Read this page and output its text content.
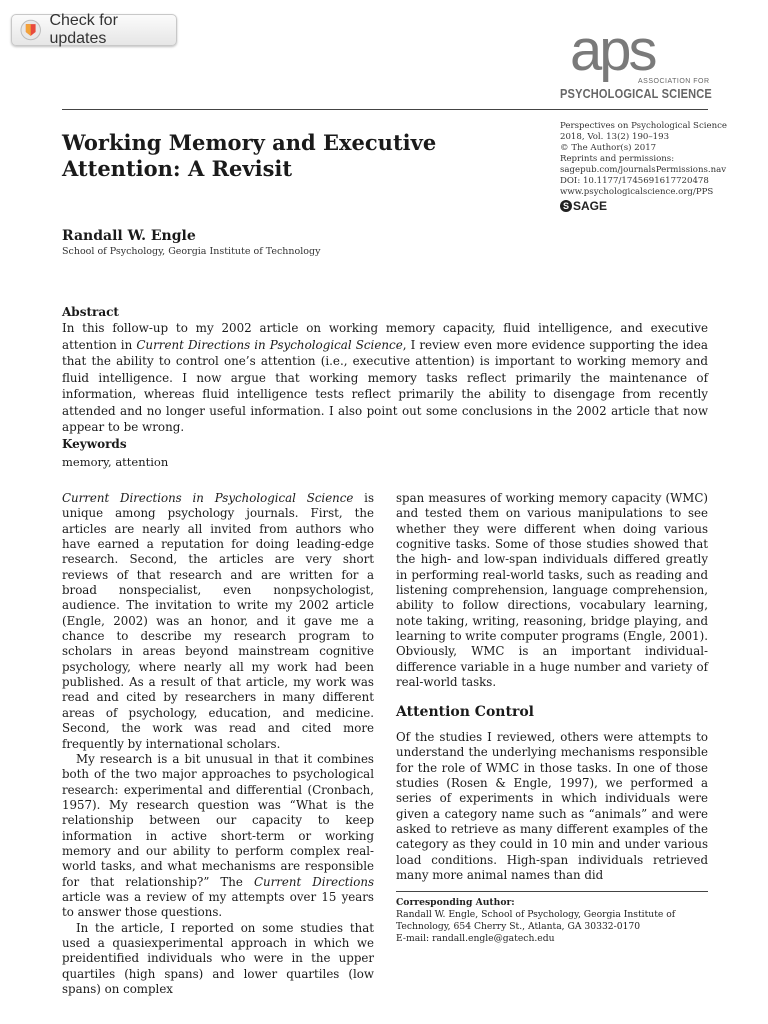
Check for updates	aps
ASSOCIATION FOR
PSYCHOLOGICAL SCIENCE
Working Memory and Executive
Attention: A Revisit
Perspectives on Psychological Science
2018, Vol. 13(2) 190–193
© The Author(s) 2017
Reprints and permissions:
sagepub.com/journalsPermissions.nav
DOI: 10.1177/1745691617720478
www.psychologicalscience.org/PPS
S SAGE
Randall W. Engle
School of Psychology, Georgia Institute of Technology
Abstract
In this follow-up to my 2002 article on working memory capacity, fluid intelligence, and executive attention in Current Directions in Psychological Science, I review even more evidence supporting the idea that the ability to control one’s attention (i.e., executive attention) is important to working memory and fluid intelligence. I now argue that working memory tasks reflect primarily the maintenance of information, whereas fluid intelligence tests reflect primarily the ability to disengage from recently attended and no longer useful information. I also point out some conclusions in the 2002 article that now appear to be wrong.
Keywords
memory, attention

Current Directions in Psychological Science is unique among psychology journals. First, the articles are nearly all invited from authors who have earned a reputation for doing leading-edge research. Second, the articles are very short reviews of that research and are written for a broad nonspecialist, even nonpsychologist, audience. The invitation to write my 2002 article (Engle, 2002) was an honor, and it gave me a chance to describe my research program to scholars in areas beyond mainstream cognitive psychology, where nearly all my work had been published. As a result of that article, my work was read and cited by researchers in many different areas of psychology, education, and medicine. Second, the work was read and cited more frequently by international scholars.

My research is a bit unusual in that it combines both of the two major approaches to psychological research: experimental and differential (Cronbach, 1957). My research question was “What is the relationship between our capacity to keep information in active short-term or working memory and our ability to perform complex real-world tasks, and what mechanisms are responsible for that relationship?” The Current Directions article was a review of my attempts over 15 years to answer those questions.

In the article, I reported on some studies that used a quasiexperimental approach in which we preidentified individuals who were in the upper quartiles (high spans) and lower quartiles (low spans) on complex

span measures of working memory capacity (WMC) and tested them on various manipulations to see whether they were different when doing various cognitive tasks. Some of those studies showed that the high- and low-span individuals differed greatly in performing real-world tasks, such as reading and listening comprehension, language comprehension, ability to follow directions, vocabulary learning, note taking, writing, reasoning, bridge playing, and learning to write computer programs (Engle, 2001). Obviously, WMC is an important individual-difference variable in a huge number and variety of real-world tasks.

Attention Control

Of the studies I reviewed, others were attempts to understand the underlying mechanisms responsible for the role of WMC in those tasks. In one of those studies (Rosen & Engle, 1997), we performed a series of experiments in which individuals were given a category name such as “animals” and were asked to retrieve as many different examples of the category as they could in 10 min and under various load conditions. High-span individuals retrieved many more animal names than did

Corresponding Author:
Randall W. Engle, School of Psychology, Georgia Institute of
Technology, 654 Cherry St., Atlanta, GA 30332-0170
E-mail: randall.engle@gatech.edu
